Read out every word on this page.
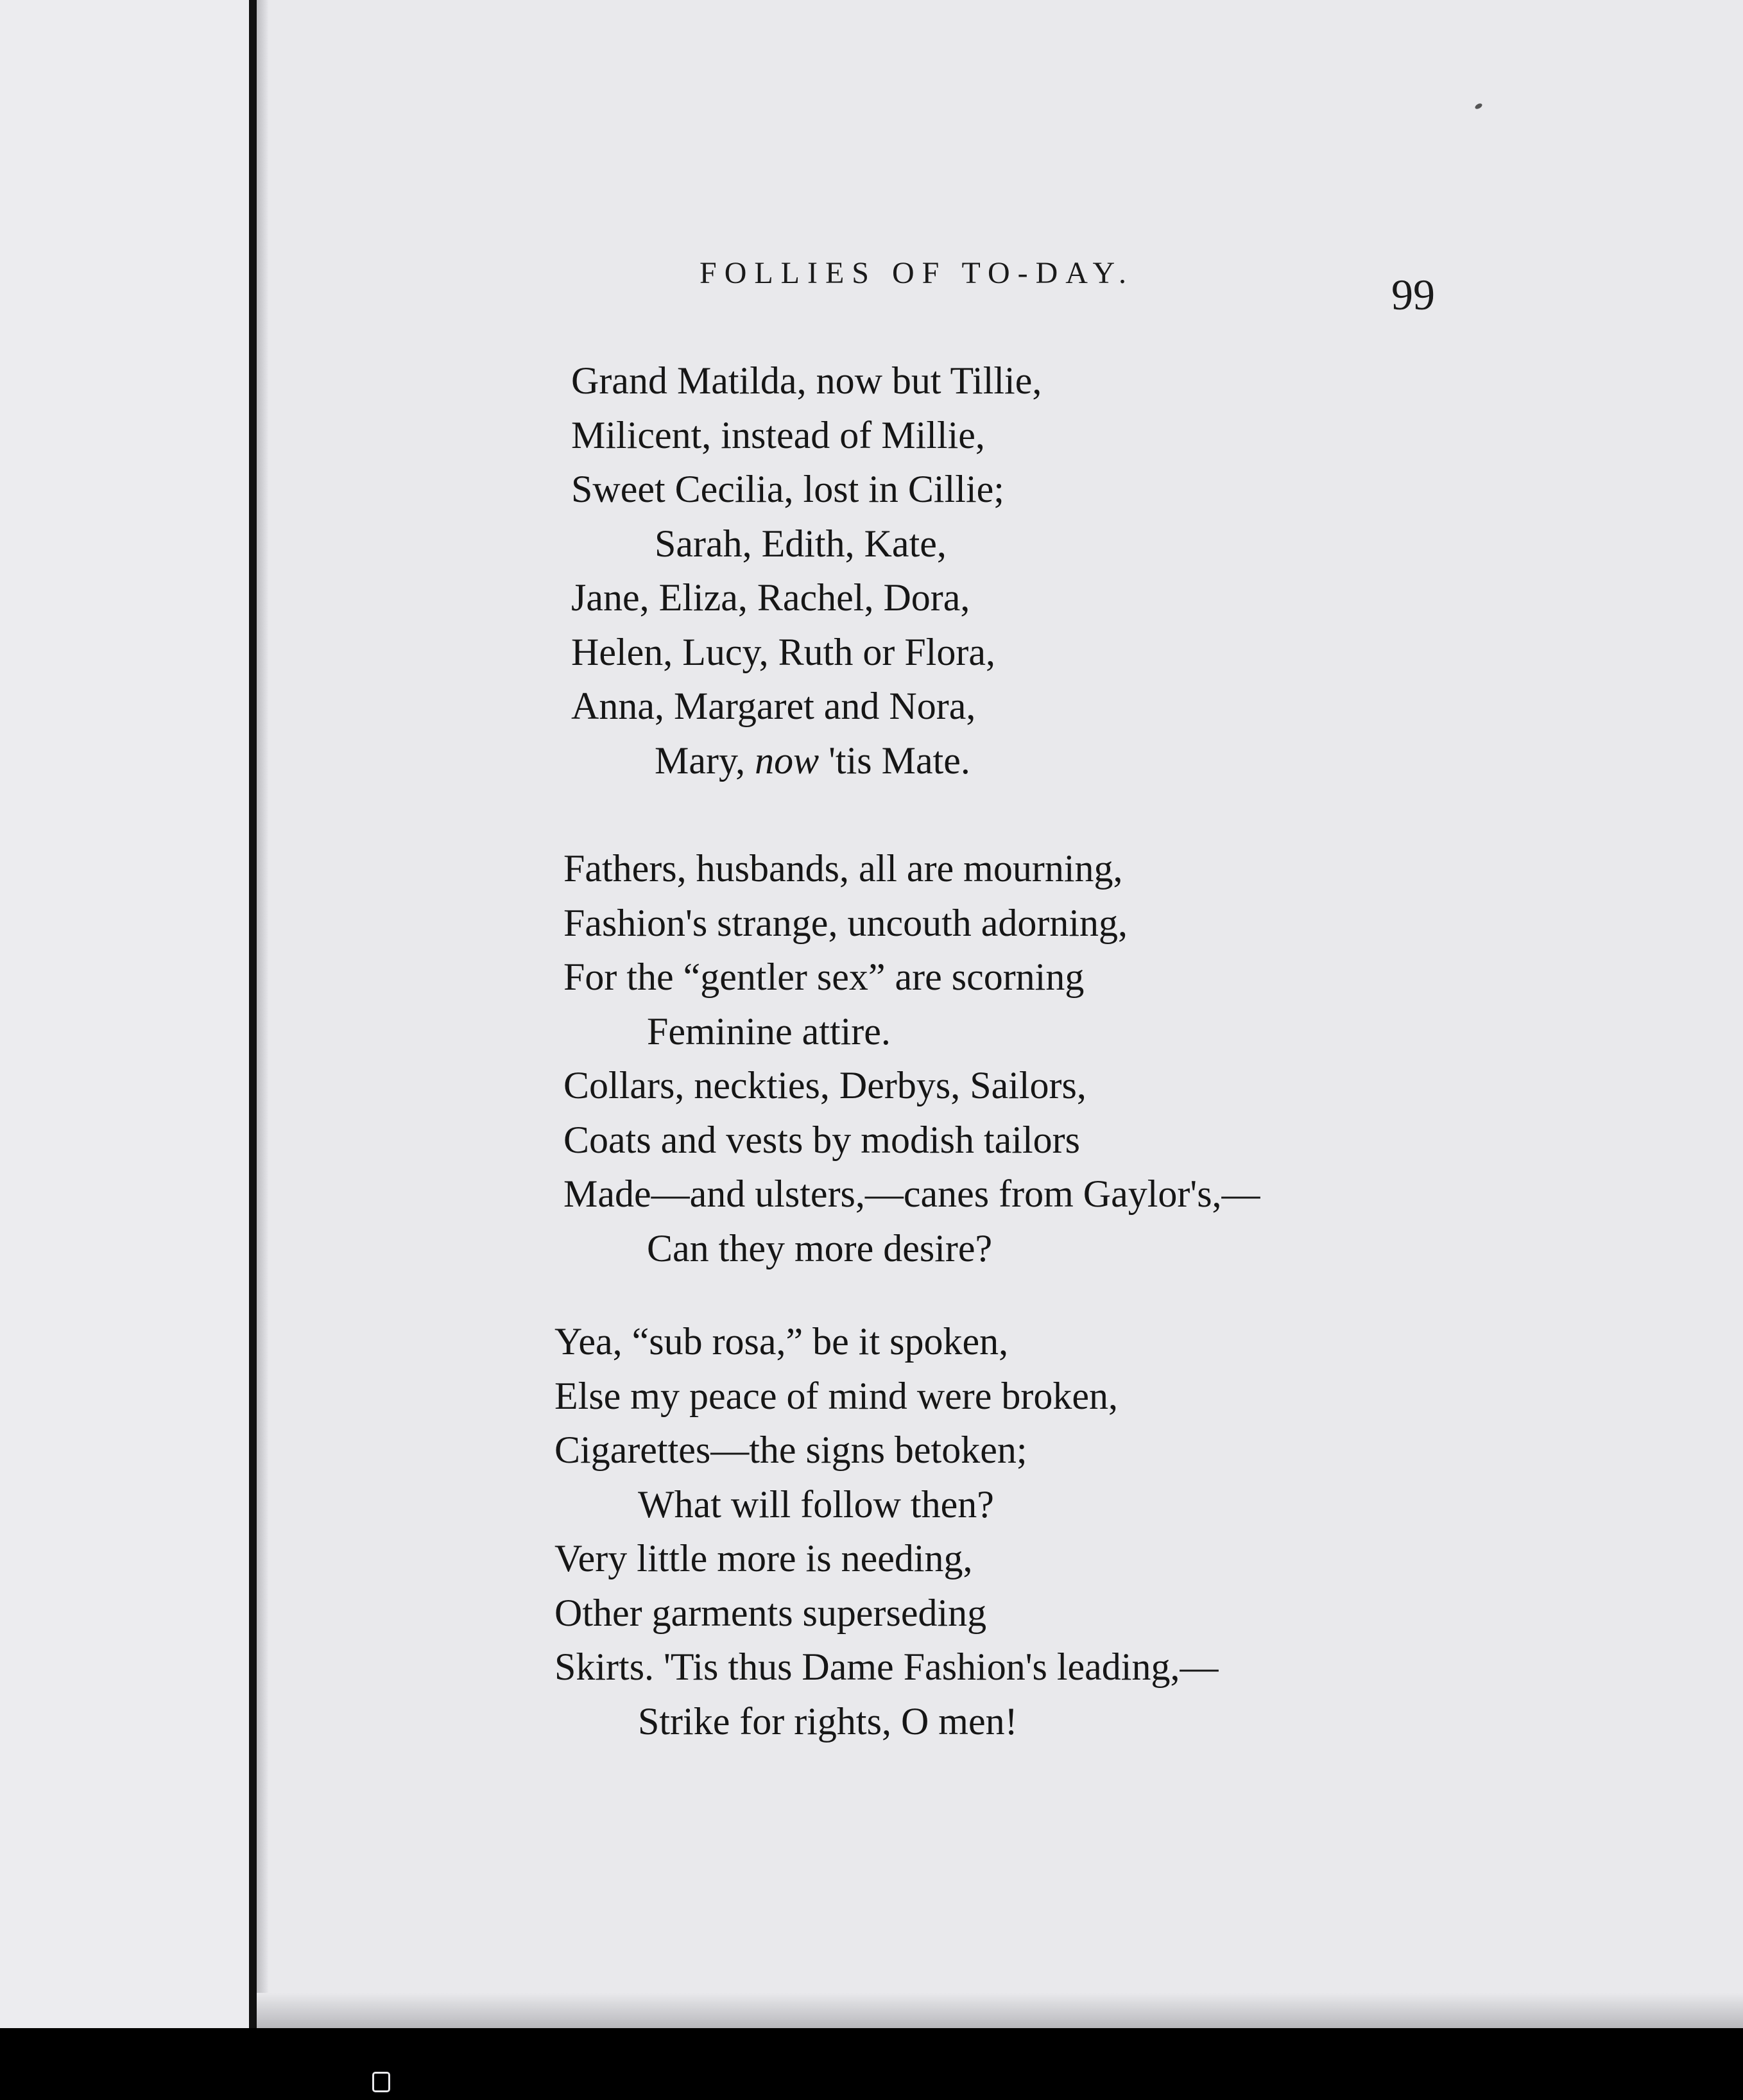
FOLLIES OF TO-DAY.	99
Grand Matilda, now but Tillie,
Milicent, instead of Millie,
Sweet Cecilia, lost in Cillie;
Sarah, Edith, Kate,
Jane, Eliza, Rachel, Dora,
Helen, Lucy, Ruth or Flora,
Anna, Margaret and Nora,
Mary, now 'tis Mate.
Fathers, husbands, all are mourning,
Fashion's strange, uncouth adorning,
For the “gentler sex” are scorning
Feminine attire.
Collars, neckties, Derbys, Sailors,
Coats and vests by modish tailors
Made—and ulsters,—canes from Gaylor's,—
Can they more desire?
Yea, “sub rosa,” be it spoken,
Else my peace of mind were broken,
Cigarettes—the signs betoken;
What will follow then?
Very little more is needing,
Other garments superseding
Skirts. 'Tis thus Dame Fashion's leading,—
Strike for rights, O men!
